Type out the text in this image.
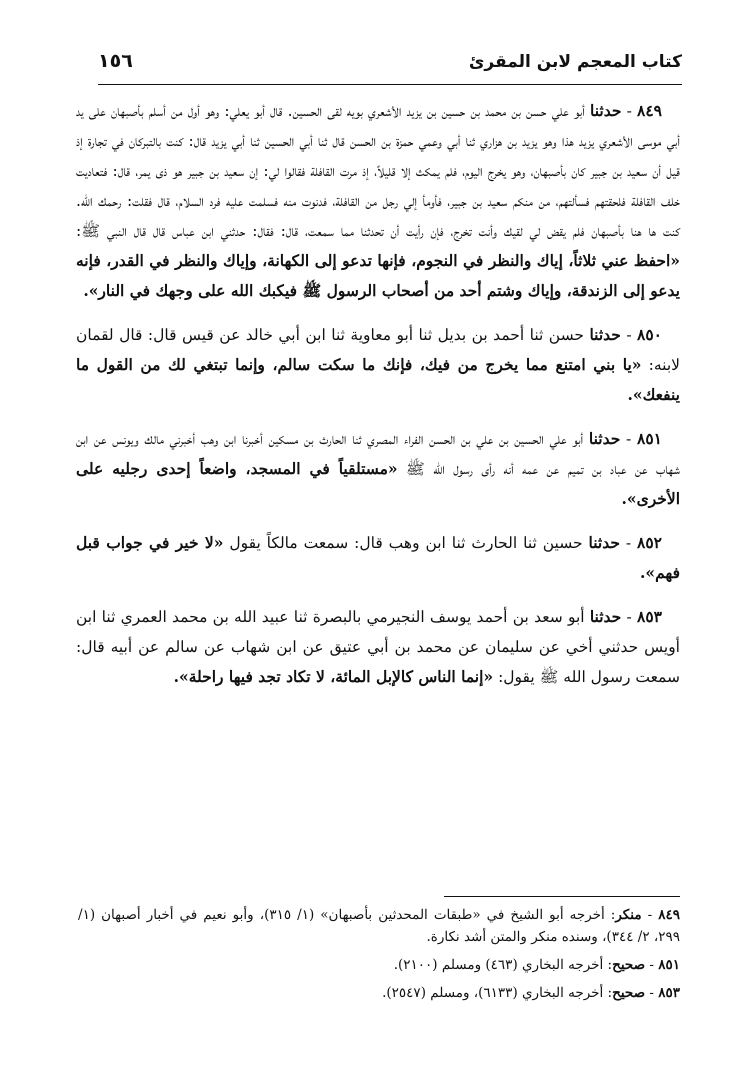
كتاب المعجم لابن المقرئ
١٥٦

٨٤٩ - حدثنا أبو علي حسن بن محمد بن حسين بن يزيد الأشعري بويه لقى الحسين. قال أبو يعلي: وهو أول من أسلم بأصبهان على يد أبي موسى الأشعري يزيد هذا وهو يزيد بن هزاري ثنا أبي وعمي حمزة بن الحسن قال ثنا أبي الحسين ثنا أبي يزيد قال: كنت بالتبركان في تجارة إذ قيل أن سعيد بن جبير كان بأصبهان، وهو يخرج اليوم، فلم يمكث إلا قليلاً، إذ مرت القافلة فقالوا لي: إن سعيد بن جبير هو ذى يمر، قال: فتعاديت خلف القافلة فلحقتهم فسألتهم، من منكم سعيد بن جبير، فأومأ إلي رجل من القافلة، فدنوت منه فسلمت عليه فرد السلام، قال فقلت: رحمك الله. كنت ها هنا بأصبهان فلم يقض لي لقيك وأنت تخرج، فإن رأيت أن تحدثنا مما سمعت، قال: فقال: حدثني ابن عباس قال قال النبي ﷺ: «احفظ عني ثلاثاً، إياك والنظر في النجوم، فإنها تدعو إلى الكهانة، وإياك والنظر في القدر، فإنه يدعو إلى الزندقة، وإياك وشتم أحد من أصحاب الرسول ﷺ فيكبك الله على وجهك في النار».

٨٥٠ - حدثنا حسن ثنا أحمد بن بديل ثنا أبو معاوية ثنا ابن أبي خالد عن قيس قال: قال لقمان لابنه: «يا بني امتنع مما يخرج من فيك، فإنك ما سكت سالم، وإنما تبتغي لك من القول ما ينفعك».

٨٥١ - حدثنا أبو علي الحسين بن علي بن الحسن الفراء المصري ثنا الحارث بن مسكين أخبرنا ابن وهب أخبرني مالك ويونس عن ابن شهاب عن عباد بن تميم عن عمه أنه رأى رسول الله ﷺ «مستلقياً في المسجد، واضعاً إحدى رجليه على الأخرى».

٨٥٢ - حدثنا حسين ثنا الحارث ثنا ابن وهب قال: سمعت مالكاً يقول «لا خير في جواب قبل فهم».

٨٥٣ - حدثنا أبو سعد بن أحمد يوسف النجيرمي بالبصرة ثنا عبيد الله بن محمد العمري ثنا ابن أويس حدثني أخي عن سليمان عن محمد بن أبي عتيق عن ابن شهاب عن سالم عن أبيه قال: سمعت رسول الله ﷺ يقول: «إنما الناس كالإبل المائة، لا تكاد تجد فيها راحلة».

٨٤٩ - منكر: أخرجه أبو الشيخ في «طبقات المحدثين بأصبهان» (١/ ٣١٥)، وأبو نعيم في أخبار أصبهان (١/ ٢٩٩، ٢/ ٣٤٤)، وسنده منكر والمتن أشد نكارة.

٨٥١ - صحيح: أخرجه البخاري (٤٦٣) ومسلم (٢١٠٠).

٨٥٣ - صحيح: أخرجه البخاري (٦١٣٣)، ومسلم (٢٥٤٧).
